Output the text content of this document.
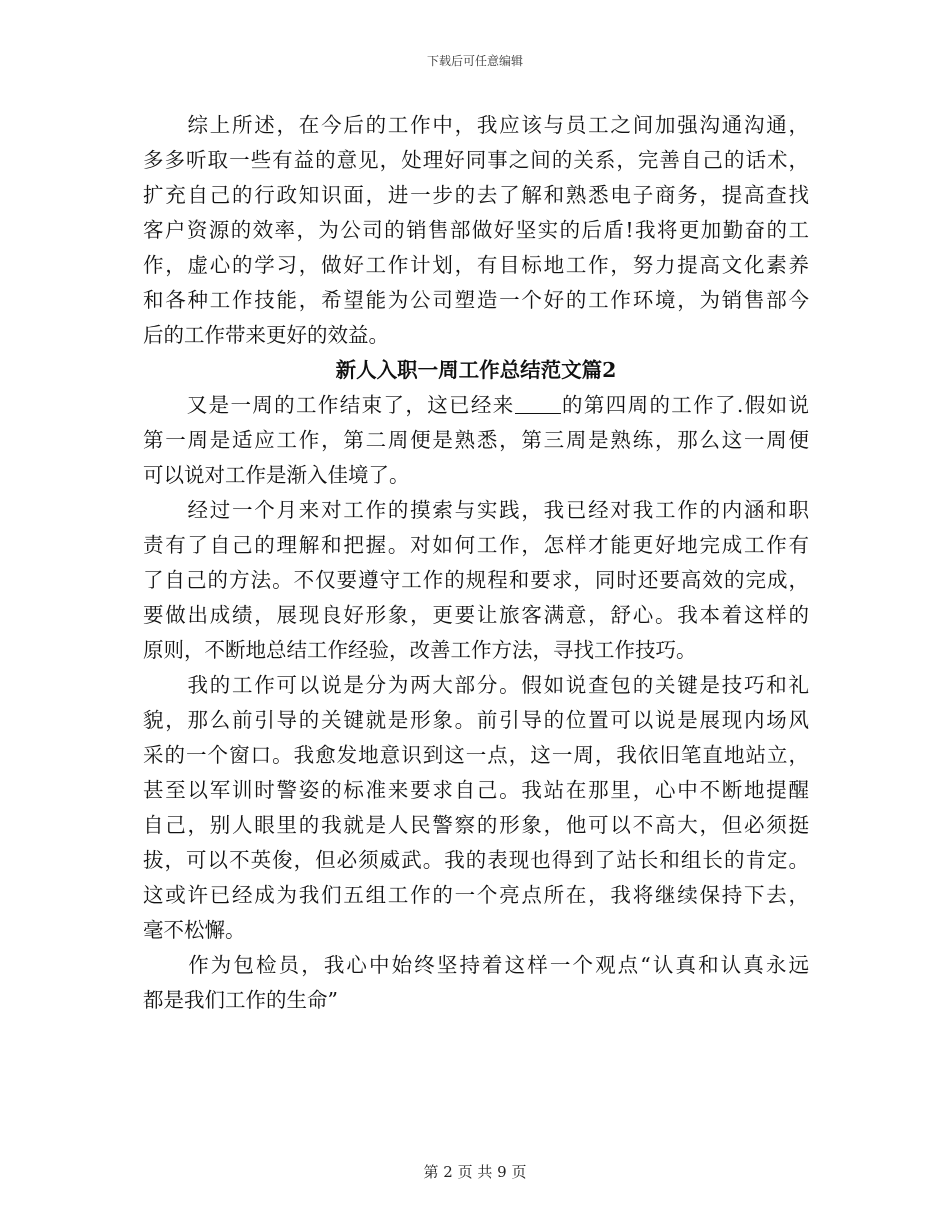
下载后可任意编辑
　　综上所述，在今后的工作中，我应该与员工之间加强沟通沟通，
多多听取一些有益的意见，处理好同事之间的关系，完善自己的话术，
扩充自己的行政知识面，进一步的去了解和熟悉电子商务，提高查找
客户资源的效率，为公司的销售部做好坚实的后盾!我将更加勤奋的工
作，虚心的学习，做好工作计划，有目标地工作，努力提高文化素养
和各种工作技能，希望能为公司塑造一个好的工作环境，为销售部今
后的工作带来更好的效益。
新人入职一周工作总结范文篇2
　　又是一周的工作结束了，这已经来 的第四周的工作了.假如说
第一周是适应工作，第二周便是熟悉，第三周是熟练，那么这一周便
可以说对工作是渐入佳境了。
　　经过一个月来对工作的摸索与实践，我已经对我工作的内涵和职
责有了自己的理解和把握。对如何工作，怎样才能更好地完成工作有
了自己的方法。不仅要遵守工作的规程和要求，同时还要高效的完成，
要做出成绩，展现良好形象，更要让旅客满意，舒心。我本着这样的
原则，不断地总结工作经验，改善工作方法，寻找工作技巧。
　　我的工作可以说是分为两大部分。假如说查包的关键是技巧和礼
貌，那么前引导的关键就是形象。前引导的位置可以说是展现内场风
采的一个窗口。我愈发地意识到这一点，这一周，我依旧笔直地站立，
甚至以军训时警姿的标准来要求自己。我站在那里，心中不断地提醒
自己，别人眼里的我就是人民警察的形象，他可以不高大，但必须挺
拔，可以不英俊，但必须威武。我的表现也得到了站长和组长的肯定。
这或许已经成为我们五组工作的一个亮点所在，我将继续保持下去，
毫不松懈。
　　作为包检员，我心中始终坚持着这样一个观点“认真和认真永远
都是我们工作的生命”
第 2 页 共 9 页
